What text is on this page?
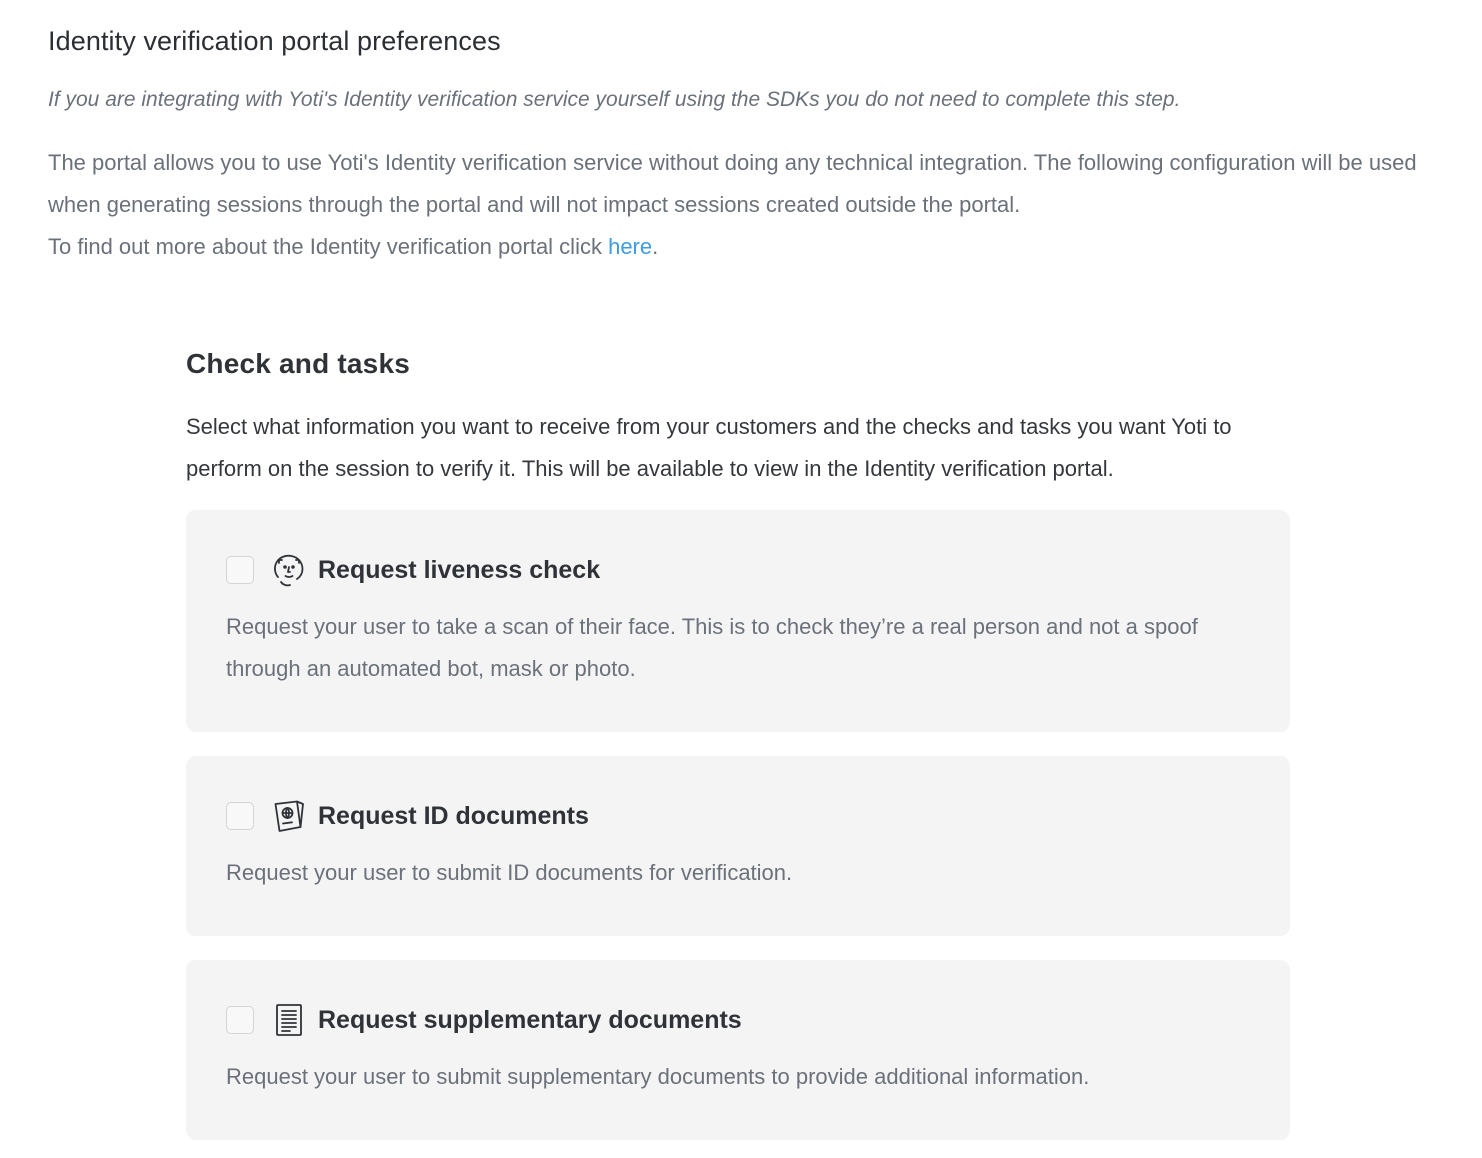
Identity verification portal preferences

If you are integrating with Yoti's Identity verification service yourself using the SDKs you do not need to complete this step.

The portal allows you to use Yoti's Identity verification service without doing any technical integration. The following configuration will be used when generating sessions through the portal and will not impact sessions created outside the portal.
To find out more about the Identity verification portal click here.

Check and tasks

Select what information you want to receive from your customers and the checks and tasks you want Yoti to perform on the session to verify it. This will be available to view in the Identity verification portal.

Request liveness check

Request your user to take a scan of their face. This is to check they’re a real person and not a spoof through an automated bot, mask or photo.

Request ID documents

Request your user to submit ID documents for verification.

Request supplementary documents

Request your user to submit supplementary documents to provide additional information.
